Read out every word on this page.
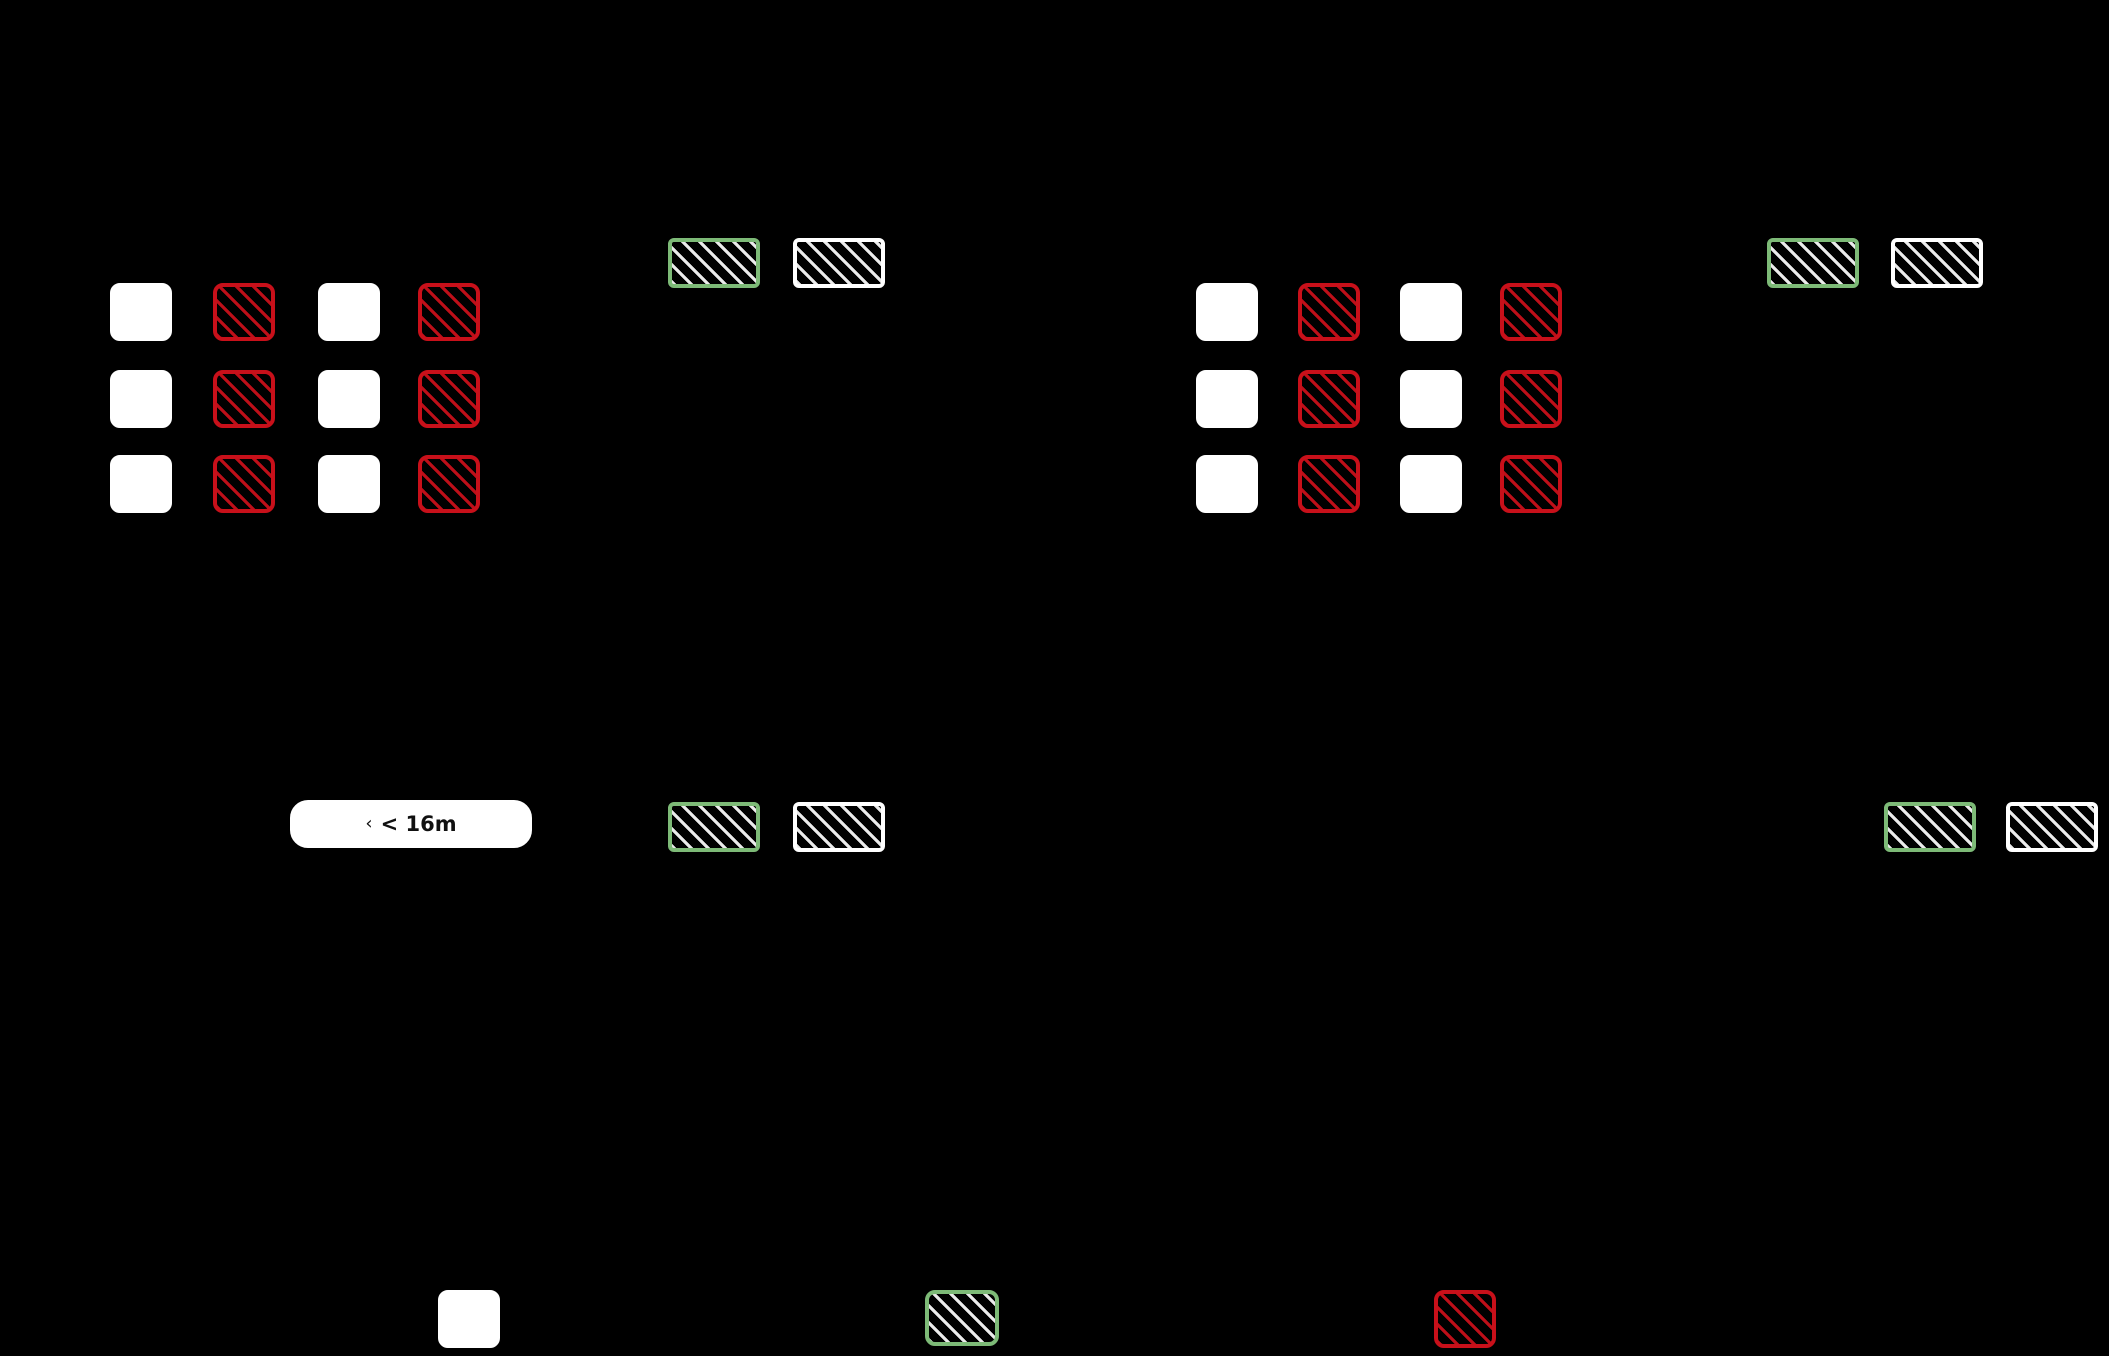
‹ < 16m
